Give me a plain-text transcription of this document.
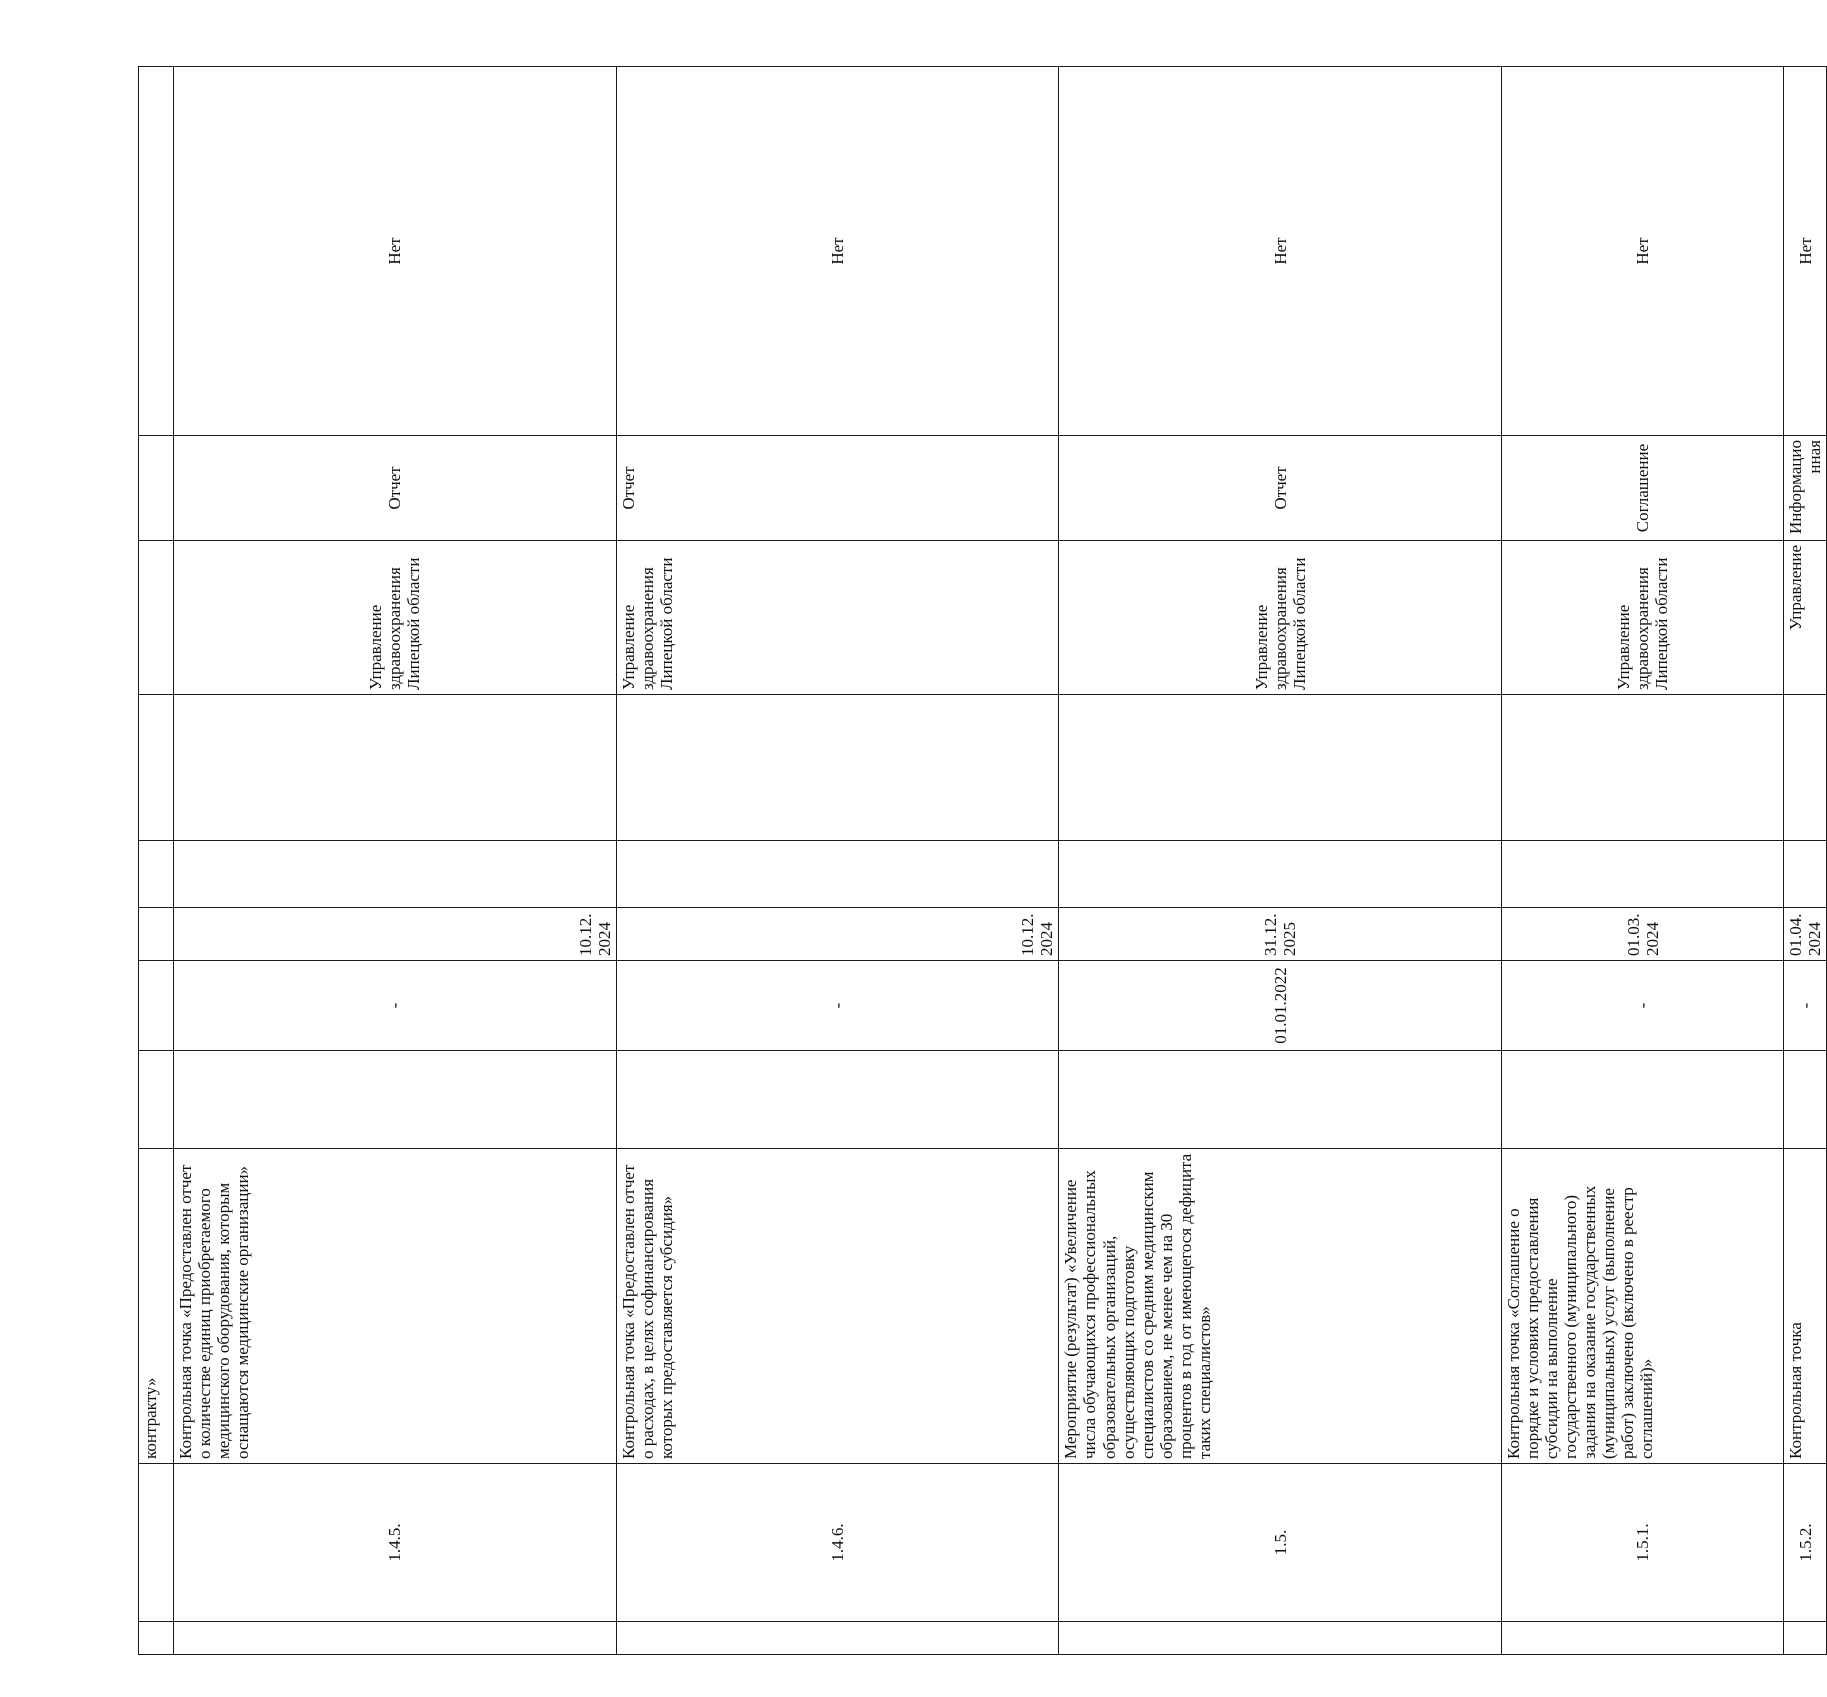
		контракту»									
	1.4.5.	Контрольная точка «Предоставлен отчет о количестве единиц приобретаемого медицинского оборудования, которым оснащаются медицинские организации»		-	10.12.2024			Управление здравоохранения Липецкой области	Отчет	Нет	
	1.4.6.	Контрольная точка «Предоставлен отчет о расходах, в целях софинансирования которых предоставляется субсидия»		-	10.12.2024			Управление здравоохранения Липецкой области	Отчет	Нет	
	1.5.	Мероприятие (результат) «Увеличение числа обучающихся профессиональных образовательных организаций, осуществляющих подготовку специалистов со средним медицинским образованием, не менее чем на 30 процентов в год от имеющегося дефицита таких специалистов»		01.01.2022	31.12.2025			Управление здравоохранения Липецкой области	Отчет	Нет	
	1.5.1.	Контрольная точка «Соглашение о порядке и условиях предоставления субсидии на выполнение государственного (муниципального) задания на оказание государственных (муниципальных) услуг (выполнение работ) заключено (включено в реестр соглашений)»		-	01.03.2024			Управление здравоохранения Липецкой области	Соглашение	Нет	
	1.5.2.	Контрольная точка		-	01.04.2024			Управление	Информационная	Нет	
